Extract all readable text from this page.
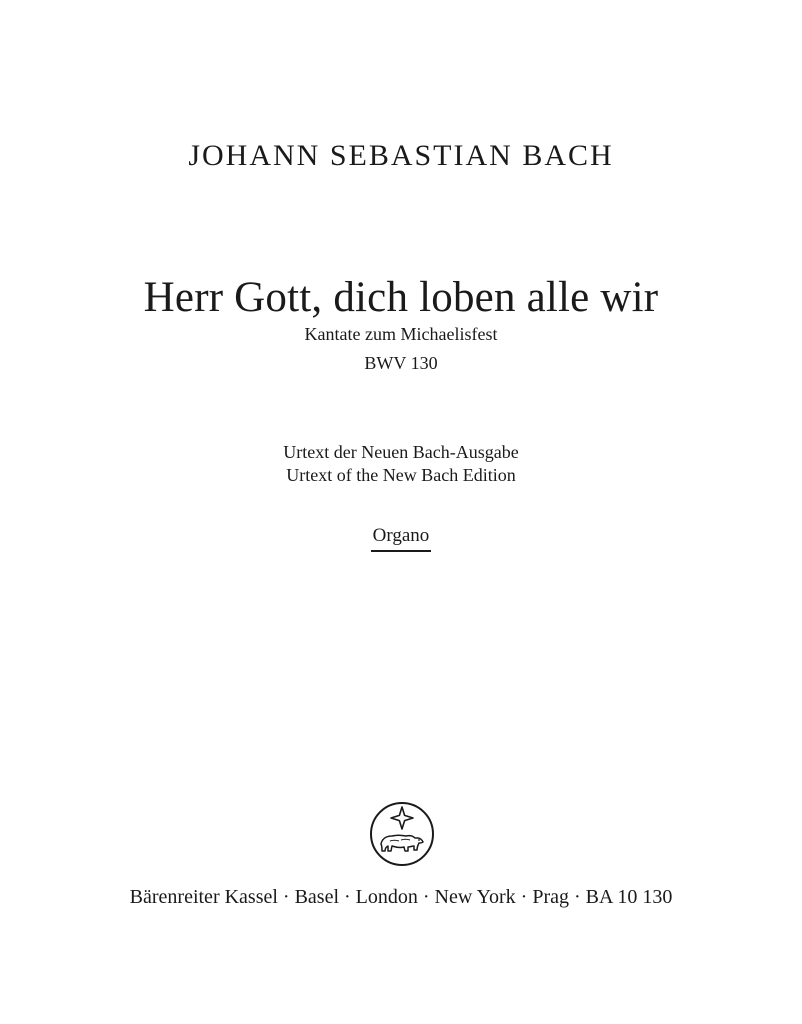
JOHANN SEBASTIAN BACH
Herr Gott, dich loben alle wir
Kantate zum Michaelisfest
BWV 130
Urtext der Neuen Bach-Ausgabe
Urtext of the New Bach Edition
Organo
Bärenreiter Kassel · Basel · London · New York · Prag · BA 10 130
